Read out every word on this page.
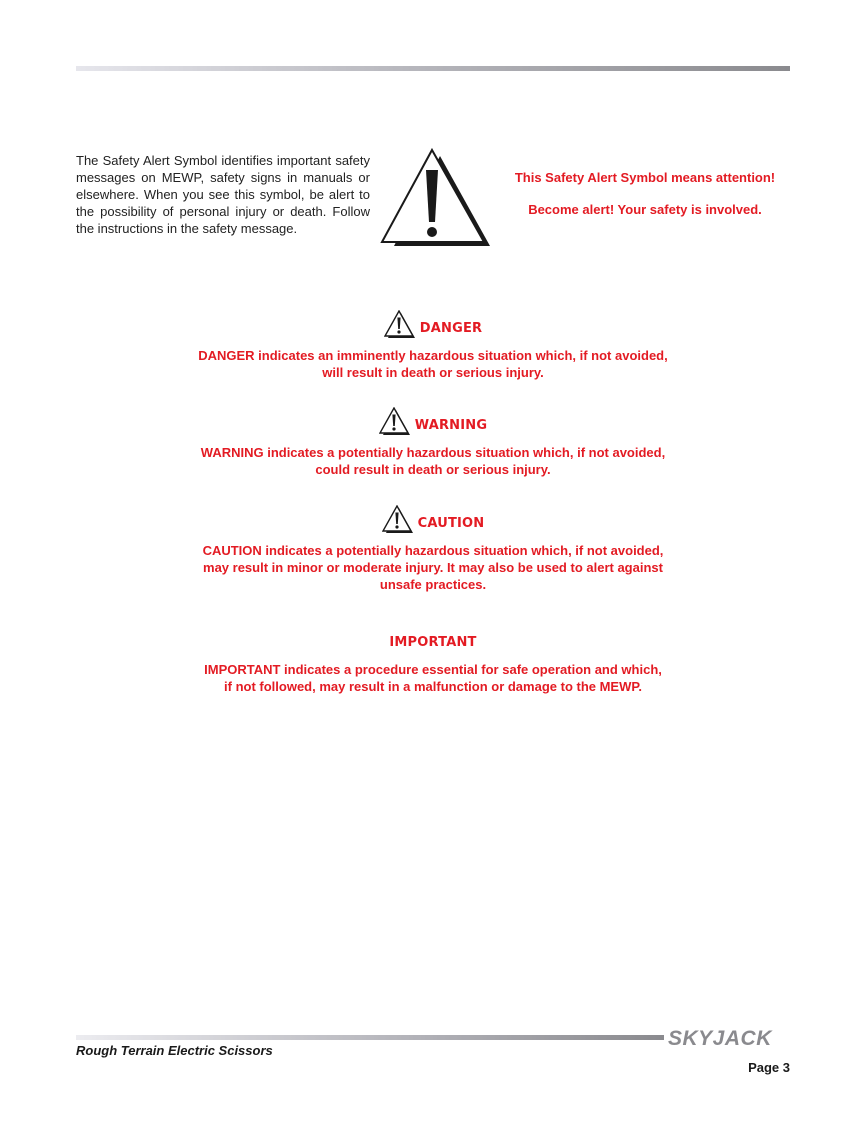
The Safety Alert Symbol identifies important safety messages on MEWP, safety signs in manuals or elsewhere. When you see this symbol, be alert to the possibility of personal injury or death. Follow the instructions in the safety message.

This Safety Alert Symbol means attention!

Become alert! Your safety is involved.

DANGER

DANGER indicates an imminently hazardous situation which, if not avoided,
will result in death or serious injury.

WARNING

WARNING indicates a potentially hazardous situation which, if not avoided,
could result in death or serious injury.

CAUTION

CAUTION indicates a potentially hazardous situation which, if not avoided,
may result in minor or moderate injury. It may also be used to alert against
unsafe practices.

IMPORTANT

IMPORTANT indicates a procedure essential for safe operation and which,
if not followed, may result in a malfunction or damage to the MEWP.

SKYJACK
Rough Terrain Electric Scissors
Page 3
